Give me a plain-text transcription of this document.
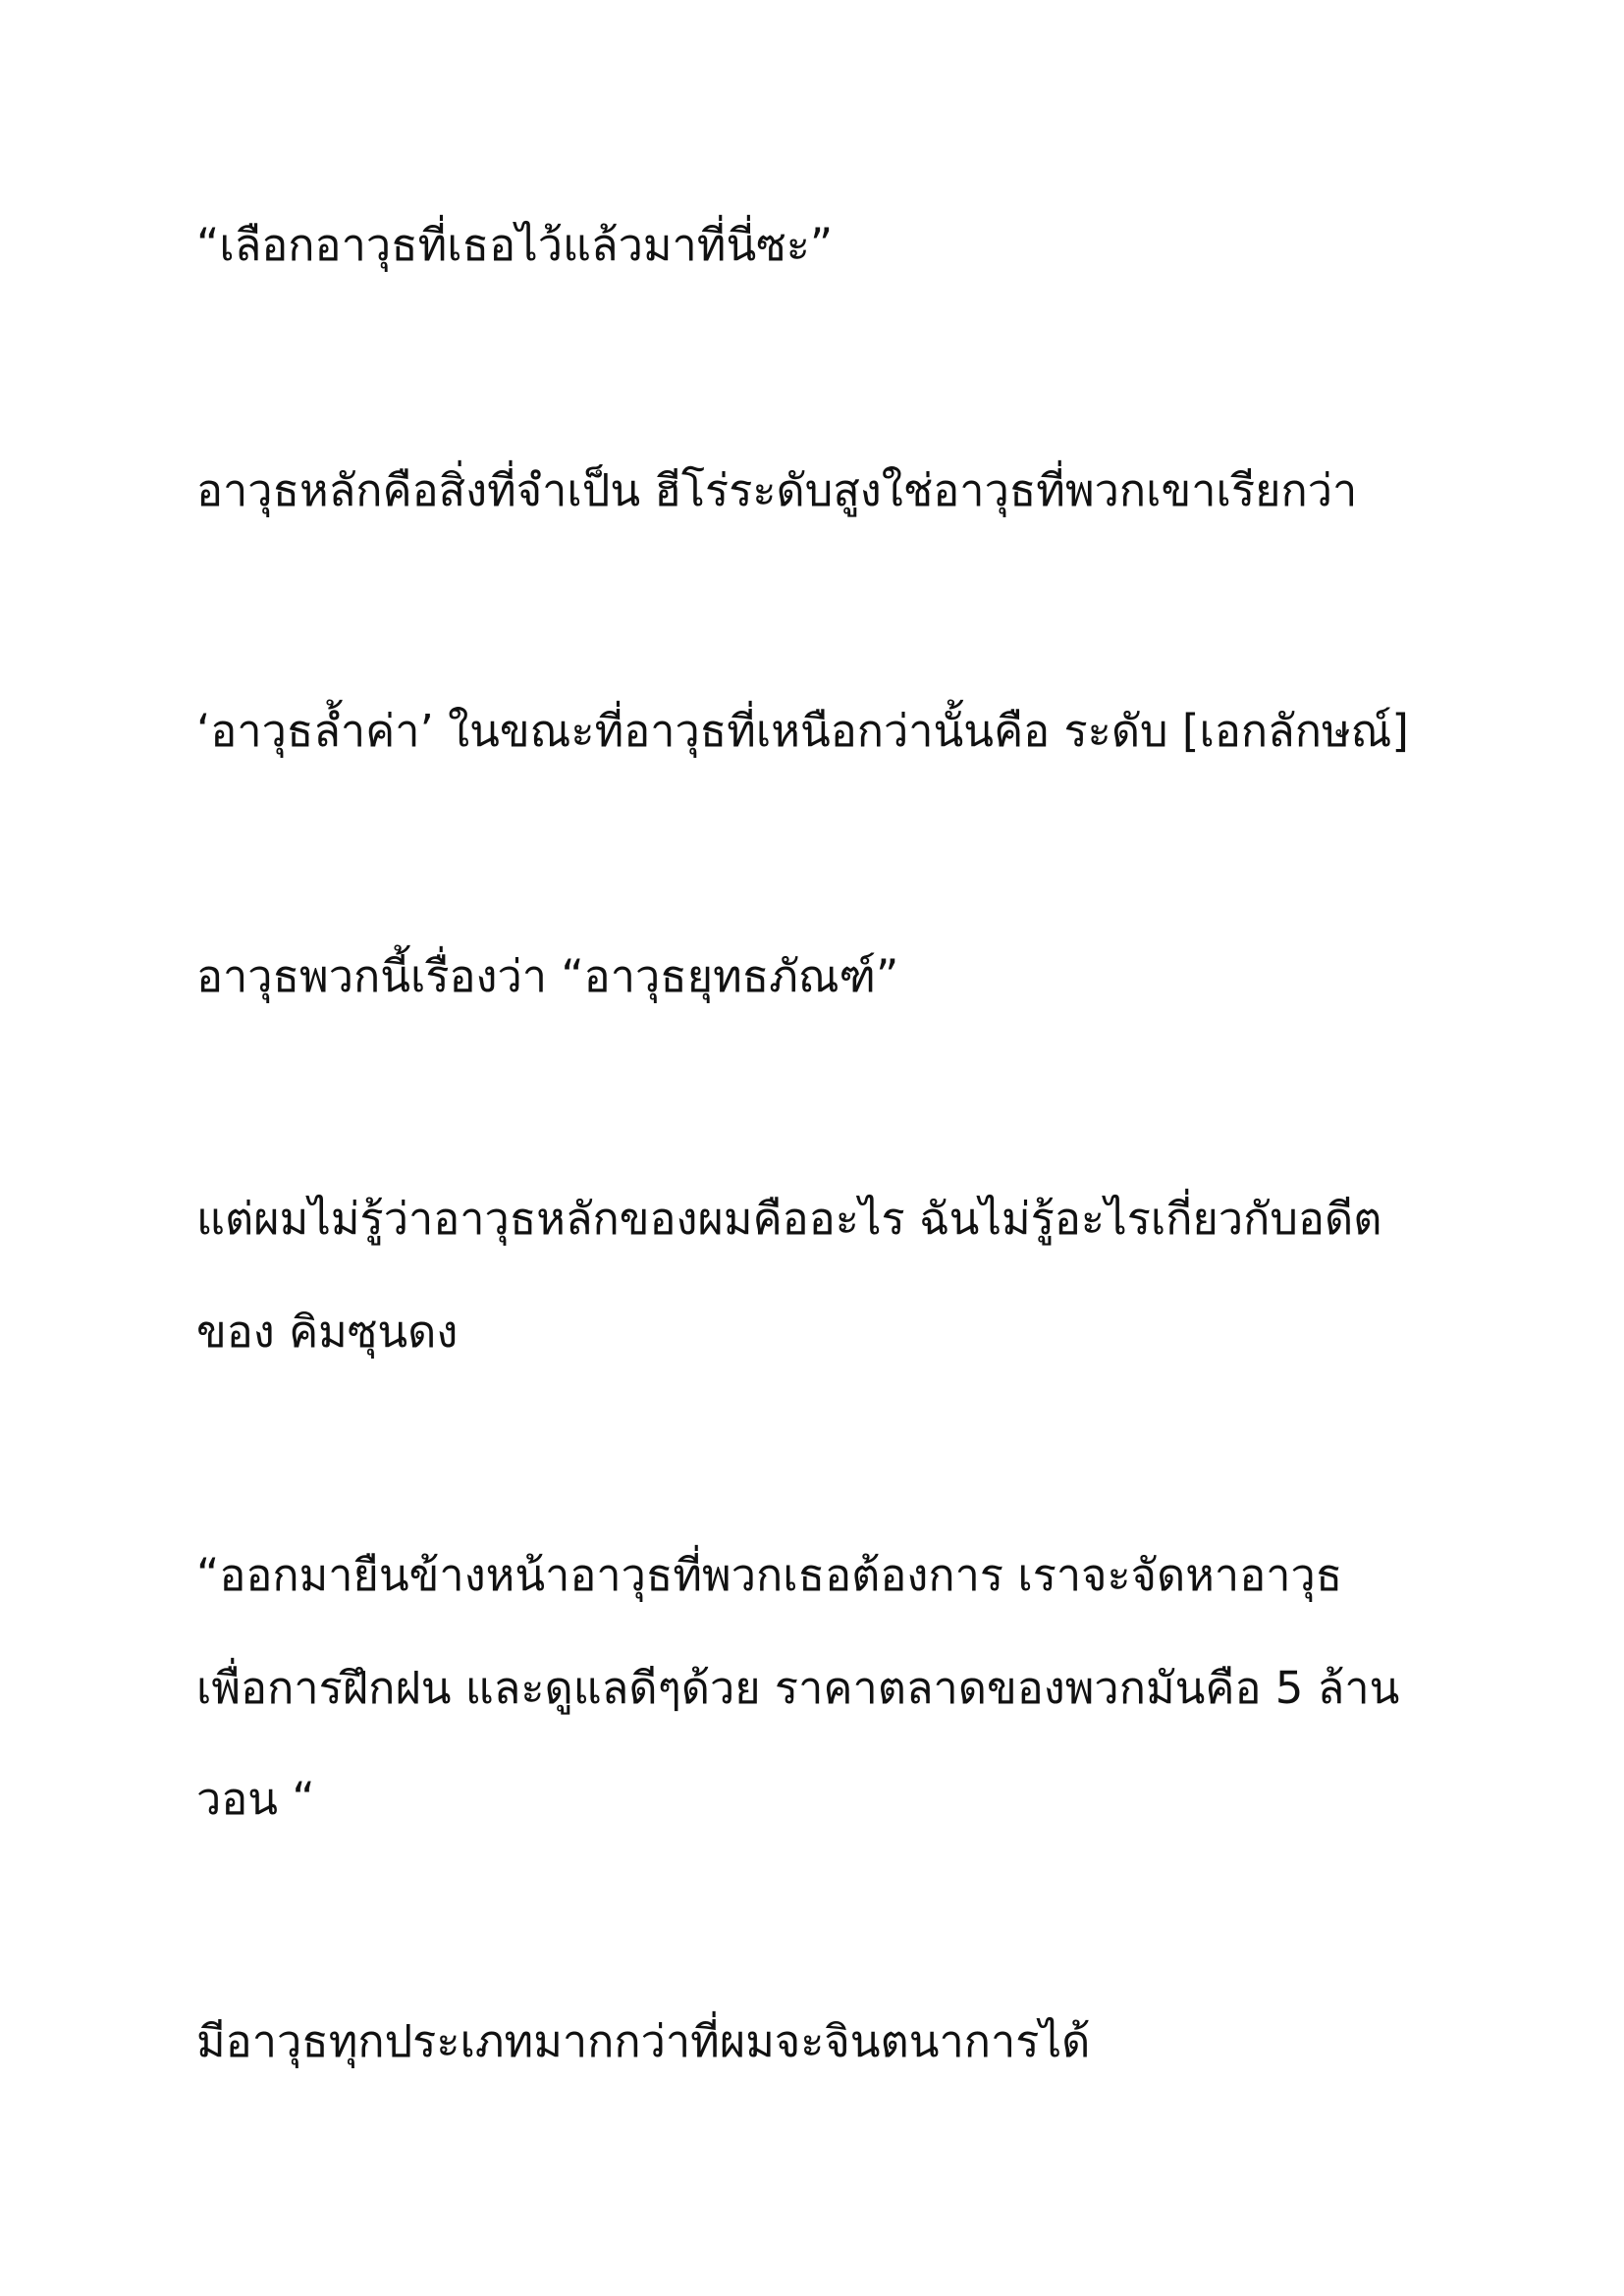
“เลือกอาวุธที่เธอไว้แล้วมาที่นี่ซะ”

อาวุธหลักคือสิ่งที่จำเป็น ฮีโร่ระดับสูงใช่อาวุธที่พวกเขาเรียกว่า

‘อาวุธล้ำค่า’ ในขณะที่อาวุธที่เหนือกว่านั้นคือ ระดับ [เอกลักษณ์]

อาวุธพวกนี้เรื่องว่า “อาวุธยุทธภัณฑ์”

แต่ผมไม่รู้ว่าอาวุธหลักของผมคืออะไร ฉันไม่รู้อะไรเกี่ยวกับอดีต

ของ คิมซุนดง

“ออกมายืนข้างหน้าอาวุธที่พวกเธอต้องการ เราจะจัดหาอาวุธ

เพื่อการฝึกฝน และดูแลดีๆด้วย ราคาตลาดของพวกมันคือ 5 ล้าน

วอน “

มีอาวุธทุกประเภทมากกว่าที่ผมจะจินตนาการได้
